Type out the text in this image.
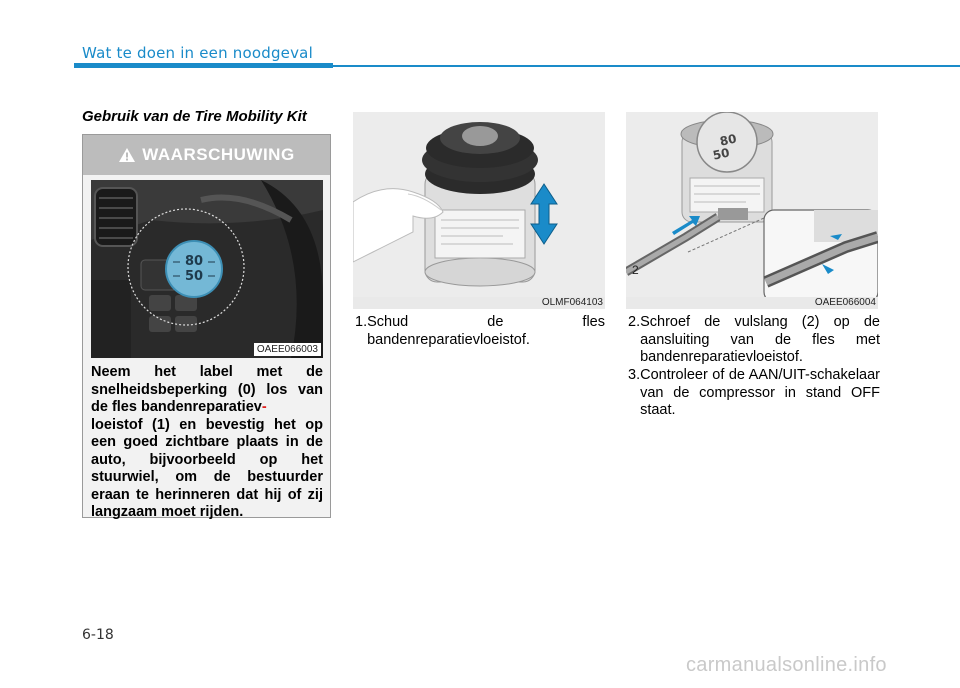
Wat te doen in een noodgeval
Gebruik van de Tire Mobility Kit
WAARSCHUWING
80
50
OAEE066003
Neem het label met de snelheidsbeperking (0) los van de fles bandenreparatiev-
loeistof (1) en bevestig het op een goed zichtbare plaats in de auto, bijvoorbeeld op het stuurwiel, om de bestuurder eraan te herinneren dat hij of zij langzaam moet rijden.
OLMF064103
80
50
2
OAEE066004
1. Schud de fles bandenreparatievloeistof.
2. Schroef de vulslang (2) op de aansluiting van de fles met bandenreparatievloeistof.
3. Controleer of de AAN/UIT-schakelaar van de compressor in stand OFF staat.
6-18
carmanualsonline.info
